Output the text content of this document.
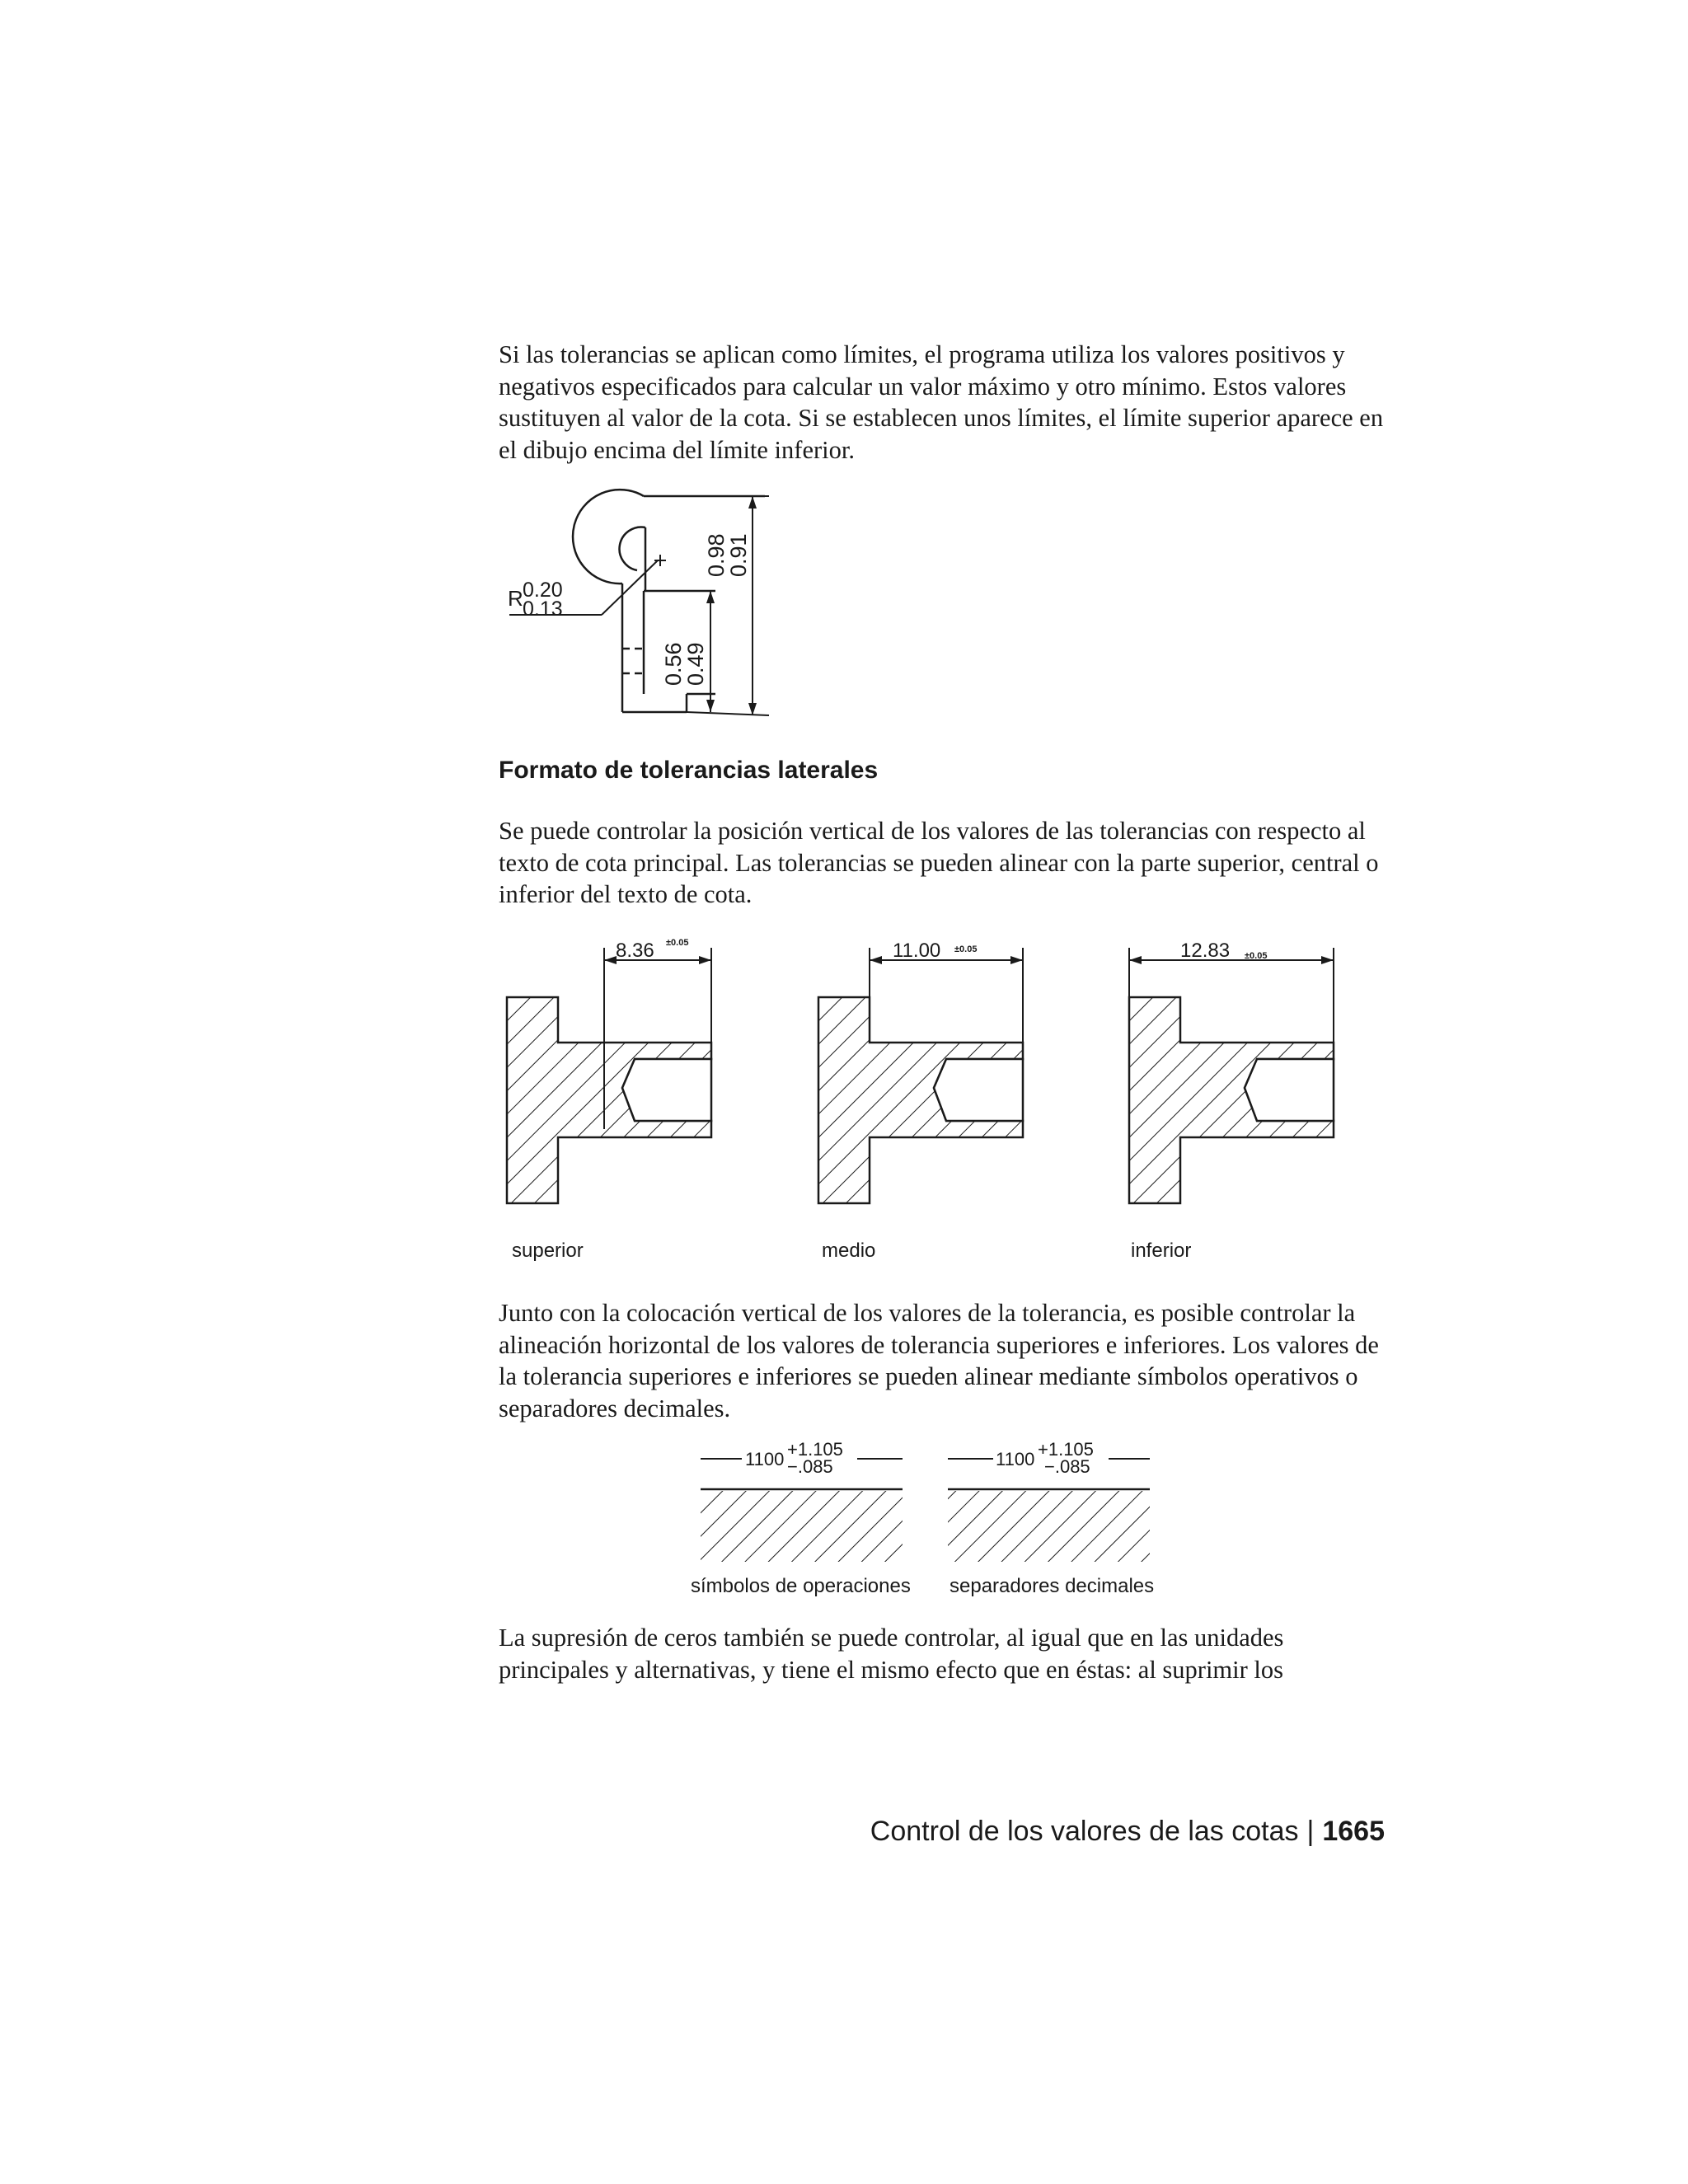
Si las tolerancias se aplican como límites, el programa utiliza los valores positivos y negativos especificados para calcular un valor máximo y otro mínimo. Estos valores sustituyen al valor de la cota. Si se establecen unos límites, el límite superior aparece en el dibujo encima del límite inferior.

R 0.20
0.13
0.98
0.91
0.56
0.49
Formato de tolerancias laterales

Se puede controlar la posición vertical de los valores de las tolerancias con respecto al texto de cota principal. Las tolerancias se pueden alinear con la parte superior, central o inferior del texto de cota.

8.36 ±0.05
superior
11.00 ±0.05
medio
12.83 ±0.05
inferior

Junto con la colocación vertical de los valores de la tolerancia, es posible controlar la alineación horizontal de los valores de tolerancia superiores e inferiores. Los valores de la tolerancia superiores e inferiores se pueden alinear mediante símbolos operativos o separadores decimales.

1100 +1.105
−.085
símbolos de operaciones
1100 +1.105
−.085
separadores decimales

La supresión de ceros también se puede controlar, al igual que en las unidades principales y alternativas, y tiene el mismo efecto que en éstas: al suprimir los

Control de los valores de las cotas | 1665
